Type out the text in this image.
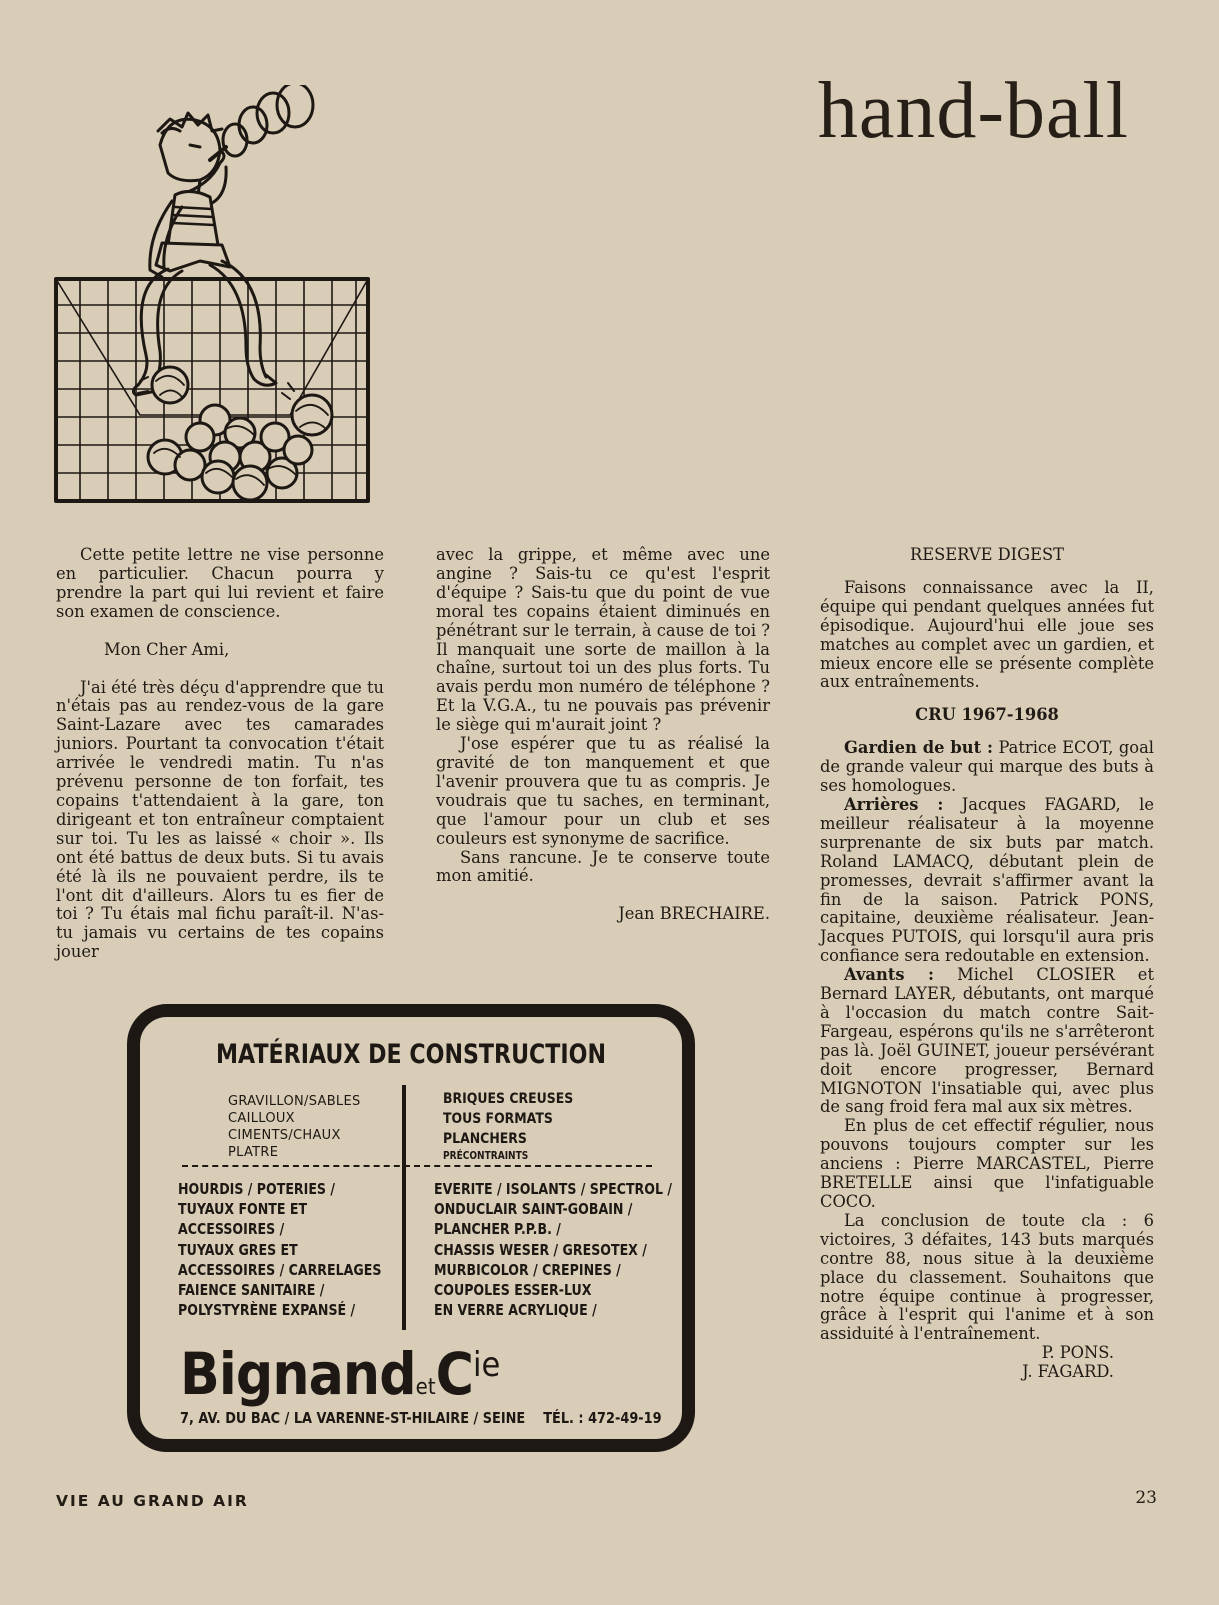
hand-ball

Cette petite lettre ne vise personne en particulier. Chacun pourra y prendre la part qui lui revient et faire son examen de conscience.

Mon Cher Ami,

J'ai été très déçu d'apprendre que tu n'étais pas au rendez-vous de la gare Saint-Lazare avec tes camarades juniors. Pourtant ta convocation t'était arrivée le vendredi matin. Tu n'as prévenu personne de ton forfait, tes copains t'attendaient à la gare, ton dirigeant et ton entraîneur comptaient sur toi. Tu les as laissé « choir ». Ils ont été battus de deux buts. Si tu avais été là ils ne pouvaient perdre, ils te l'ont dit d'ailleurs. Alors tu es fier de toi ? Tu étais mal fichu paraît-il. N'as-tu jamais vu certains de tes copains jouer

avec la grippe, et même avec une angine ? Sais-tu ce qu'est l'esprit d'équipe ? Sais-tu que du point de vue moral tes copains étaient diminués en pénétrant sur le terrain, à cause de toi ? Il manquait une sorte de maillon à la chaîne, surtout toi un des plus forts. Tu avais perdu mon numéro de téléphone ? Et la V.G.A., tu ne pouvais pas prévenir le siège qui m'aurait joint ?

J'ose espérer que tu as réalisé la gravité de ton manquement et que l'avenir prouvera que tu as compris. Je voudrais que tu saches, en terminant, que l'amour pour un club et ses couleurs est synonyme de sacrifice.

Sans rancune. Je te conserve toute mon amitié.

Jean BRECHAIRE.

RESERVE DIGEST

Faisons connaissance avec la II, équipe qui pendant quelques années fut épisodique. Aujourd'hui elle joue ses matches au complet avec un gardien, et mieux encore elle se présente complète aux entraînements.

CRU 1967-1968

Gardien de but : Patrice ECOT, goal de grande valeur qui marque des buts à ses homologues.

Arrières : Jacques FAGARD, le meilleur réalisateur à la moyenne surprenante de six buts par match. Roland LAMACQ, débutant plein de promesses, devrait s'affirmer avant la fin de la saison. Patrick PONS, capitaine, deuxième réalisateur. Jean-Jacques PUTOIS, qui lorsqu'il aura pris confiance sera redoutable en extension.

Avants : Michel CLOSIER et Bernard LAYER, débutants, ont marqué à l'occasion du match contre Sait-Fargeau, espérons qu'ils ne s'arrêteront pas là. Joël GUINET, joueur persévérant doit encore progresser, Bernard MIGNOTON l'insatiable qui, avec plus de sang froid fera mal aux six mètres.

En plus de cet effectif régulier, nous pouvons toujours compter sur les anciens : Pierre MARCASTEL, Pierre BRETELLE ainsi que l'infatiguable COCO.

La conclusion de toute cla : 6 victoires, 3 défaites, 143 buts marqués contre 88, nous situe à la deuxième place du classement. Souhaitons que notre équipe continue à progresser, grâce à l'esprit qui l'anime et à son assiduité à l'entraînement.

P. PONS.

J. FAGARD.

MATÉRIAUX DE CONSTRUCTION
GRAVILLON/SABLES
CAILLOUX
CIMENTS/CHAUX
PLATRE
BRIQUES CREUSES
TOUS FORMATS
PLANCHERS
PRÉCONTRAINTS
HOURDIS / POTERIES /
TUYAUX FONTE ET
ACCESSOIRES /
TUYAUX GRES ET
ACCESSOIRES / CARRELAGES
FAIENCE SANITAIRE /
POLYSTYRÈNE EXPANSÉ /
EVERITE / ISOLANTS / SPECTROL /
ONDUCLAIR SAINT-GOBAIN /
PLANCHER P.P.B. /
CHASSIS WESER / GRESOTEX /
MURBICOLOR / CREPINES /
COUPOLES ESSER-LUX
EN VERRE ACRYLIQUE /
BignandetC$^{ie}$
7, AV. DU BAC / LA VARENNE-ST-HILAIRE / SEINE TÉL. : 472-49-19
VIE AU GRAND AIR	23
